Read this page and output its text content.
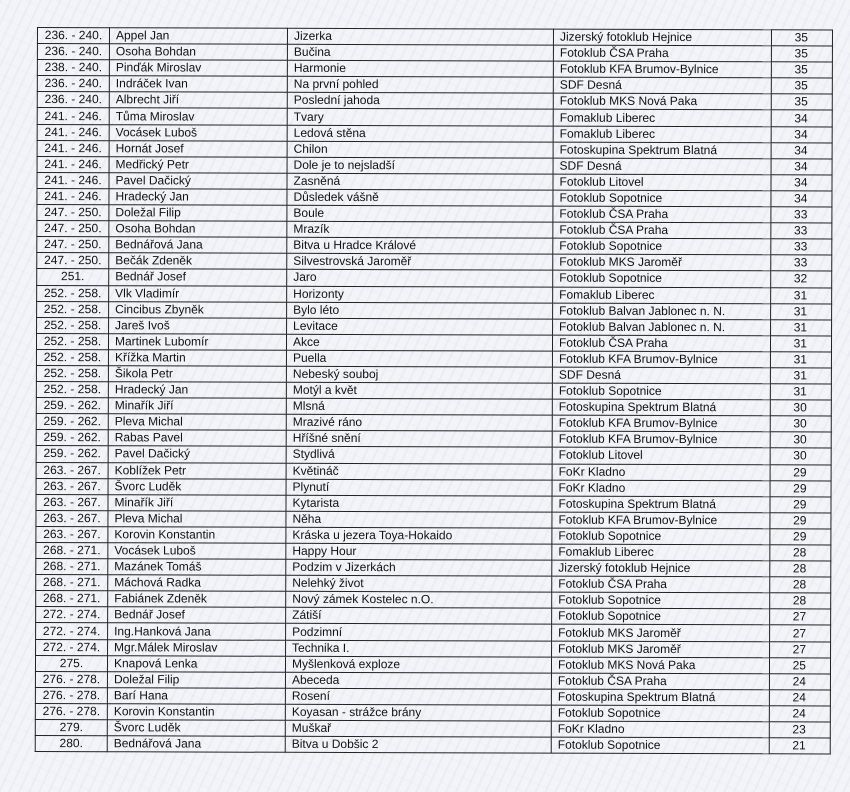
236. - 240.	Appel Jan	Jizerka	Jizerský fotoklub Hejnice	35
236. - 240.	Osoha Bohdan	Bučina	Fotoklub ČSA Praha	35
238. - 240.	Pinďák Miroslav	Harmonie	Fotoklub KFA Brumov-Bylnice	35
236. - 240.	Indráček Ivan	Na první pohled	SDF Desná	35
236. - 240.	Albrecht Jiří	Poslední jahoda	Fotoklub MKS Nová Paka	35
241. - 246.	Tůma Miroslav	Tvary	Fomaklub Liberec	34
241. - 246.	Vocásek Luboš	Ledová stěna	Fomaklub Liberec	34
241. - 246.	Hornát Josef	Chilon	Fotoskupina Spektrum Blatná	34
241. - 246.	Medřický Petr	Dole je to nejsladší	SDF Desná	34
241. - 246.	Pavel Dačický	Zasněná	Fotoklub Litovel	34
241. - 246.	Hradecký Jan	Důsledek vášně	Fotoklub Sopotnice	34
247. - 250.	Doležal Filip	Boule	Fotoklub ČSA Praha	33
247. - 250.	Osoha Bohdan	Mrazík	Fotoklub ČSA Praha	33
247. - 250.	Bednářová Jana	Bitva u Hradce Králové	Fotoklub Sopotnice	33
247. - 250.	Bečák Zdeněk	Silvestrovská Jaroměř	Fotoklub MKS Jaroměř	33
251.	Bednář Josef	Jaro	Fotoklub Sopotnice	32
252. - 258.	Vlk Vladimír	Horizonty	Fomaklub Liberec	31
252. - 258.	Cincibus Zbyněk	Bylo léto	Fotoklub Balvan Jablonec n. N.	31
252. - 258.	Jareš Ivoš	Levitace	Fotoklub Balvan Jablonec n. N.	31
252. - 258.	Martinek Lubomír	Akce	Fotoklub ČSA Praha	31
252. - 258.	Křížka Martin	Puella	Fotoklub KFA Brumov-Bylnice	31
252. - 258.	Šikola Petr	Nebeský souboj	SDF Desná	31
252. - 258.	Hradecký Jan	Motýl a květ	Fotoklub Sopotnice	31
259. - 262.	Minařík Jiří	Mlsná	Fotoskupina Spektrum Blatná	30
259. - 262.	Pleva Michal	Mrazivé ráno	Fotoklub KFA Brumov-Bylnice	30
259. - 262.	Rabas Pavel	Hříšné snění	Fotoklub KFA Brumov-Bylnice	30
259. - 262.	Pavel Dačický	Stydlivá	Fotoklub Litovel	30
263. - 267.	Koblížek Petr	Květináč	FoKr Kladno	29
263. - 267.	Švorc Luděk	Plynutí	FoKr Kladno	29
263. - 267.	Minařík Jiří	Kytarista	Fotoskupina Spektrum Blatná	29
263. - 267.	Pleva Michal	Něha	Fotoklub KFA Brumov-Bylnice	29
263. - 267.	Korovin Konstantin	Kráska u jezera Toya-Hokaido	Fotoklub Sopotnice	29
268. - 271.	Vocásek Luboš	Happy Hour	Fomaklub Liberec	28
268. - 271.	Mazánek Tomáš	Podzim v Jizerkách	Jizerský fotoklub Hejnice	28
268. - 271.	Máchová Radka	Nelehký život	Fotoklub ČSA Praha	28
268. - 271.	Fabiánek Zdeněk	Nový zámek Kostelec n.O.	Fotoklub Sopotnice	28
272. - 274.	Bednář Josef	Zátiší	Fotoklub Sopotnice	27
272. - 274.	Ing.Hanková Jana	Podzimní	Fotoklub MKS Jaroměř	27
272. - 274.	Mgr.Málek Miroslav	Technika I.	Fotoklub MKS Jaroměř	27
275.	Knapová Lenka	Myšlenková exploze	Fotoklub MKS Nová Paka	25
276. - 278.	Doležal Filip	Abeceda	Fotoklub ČSA Praha	24
276. - 278.	Barí Hana	Rosení	Fotoskupina Spektrum Blatná	24
276. - 278.	Korovin Konstantin	Koyasan - strážce brány	Fotoklub Sopotnice	24
279.	Švorc Luděk	Muškař	FoKr Kladno	23
280.	Bednářová Jana	Bitva u Dobšic 2	Fotoklub Sopotnice	21
